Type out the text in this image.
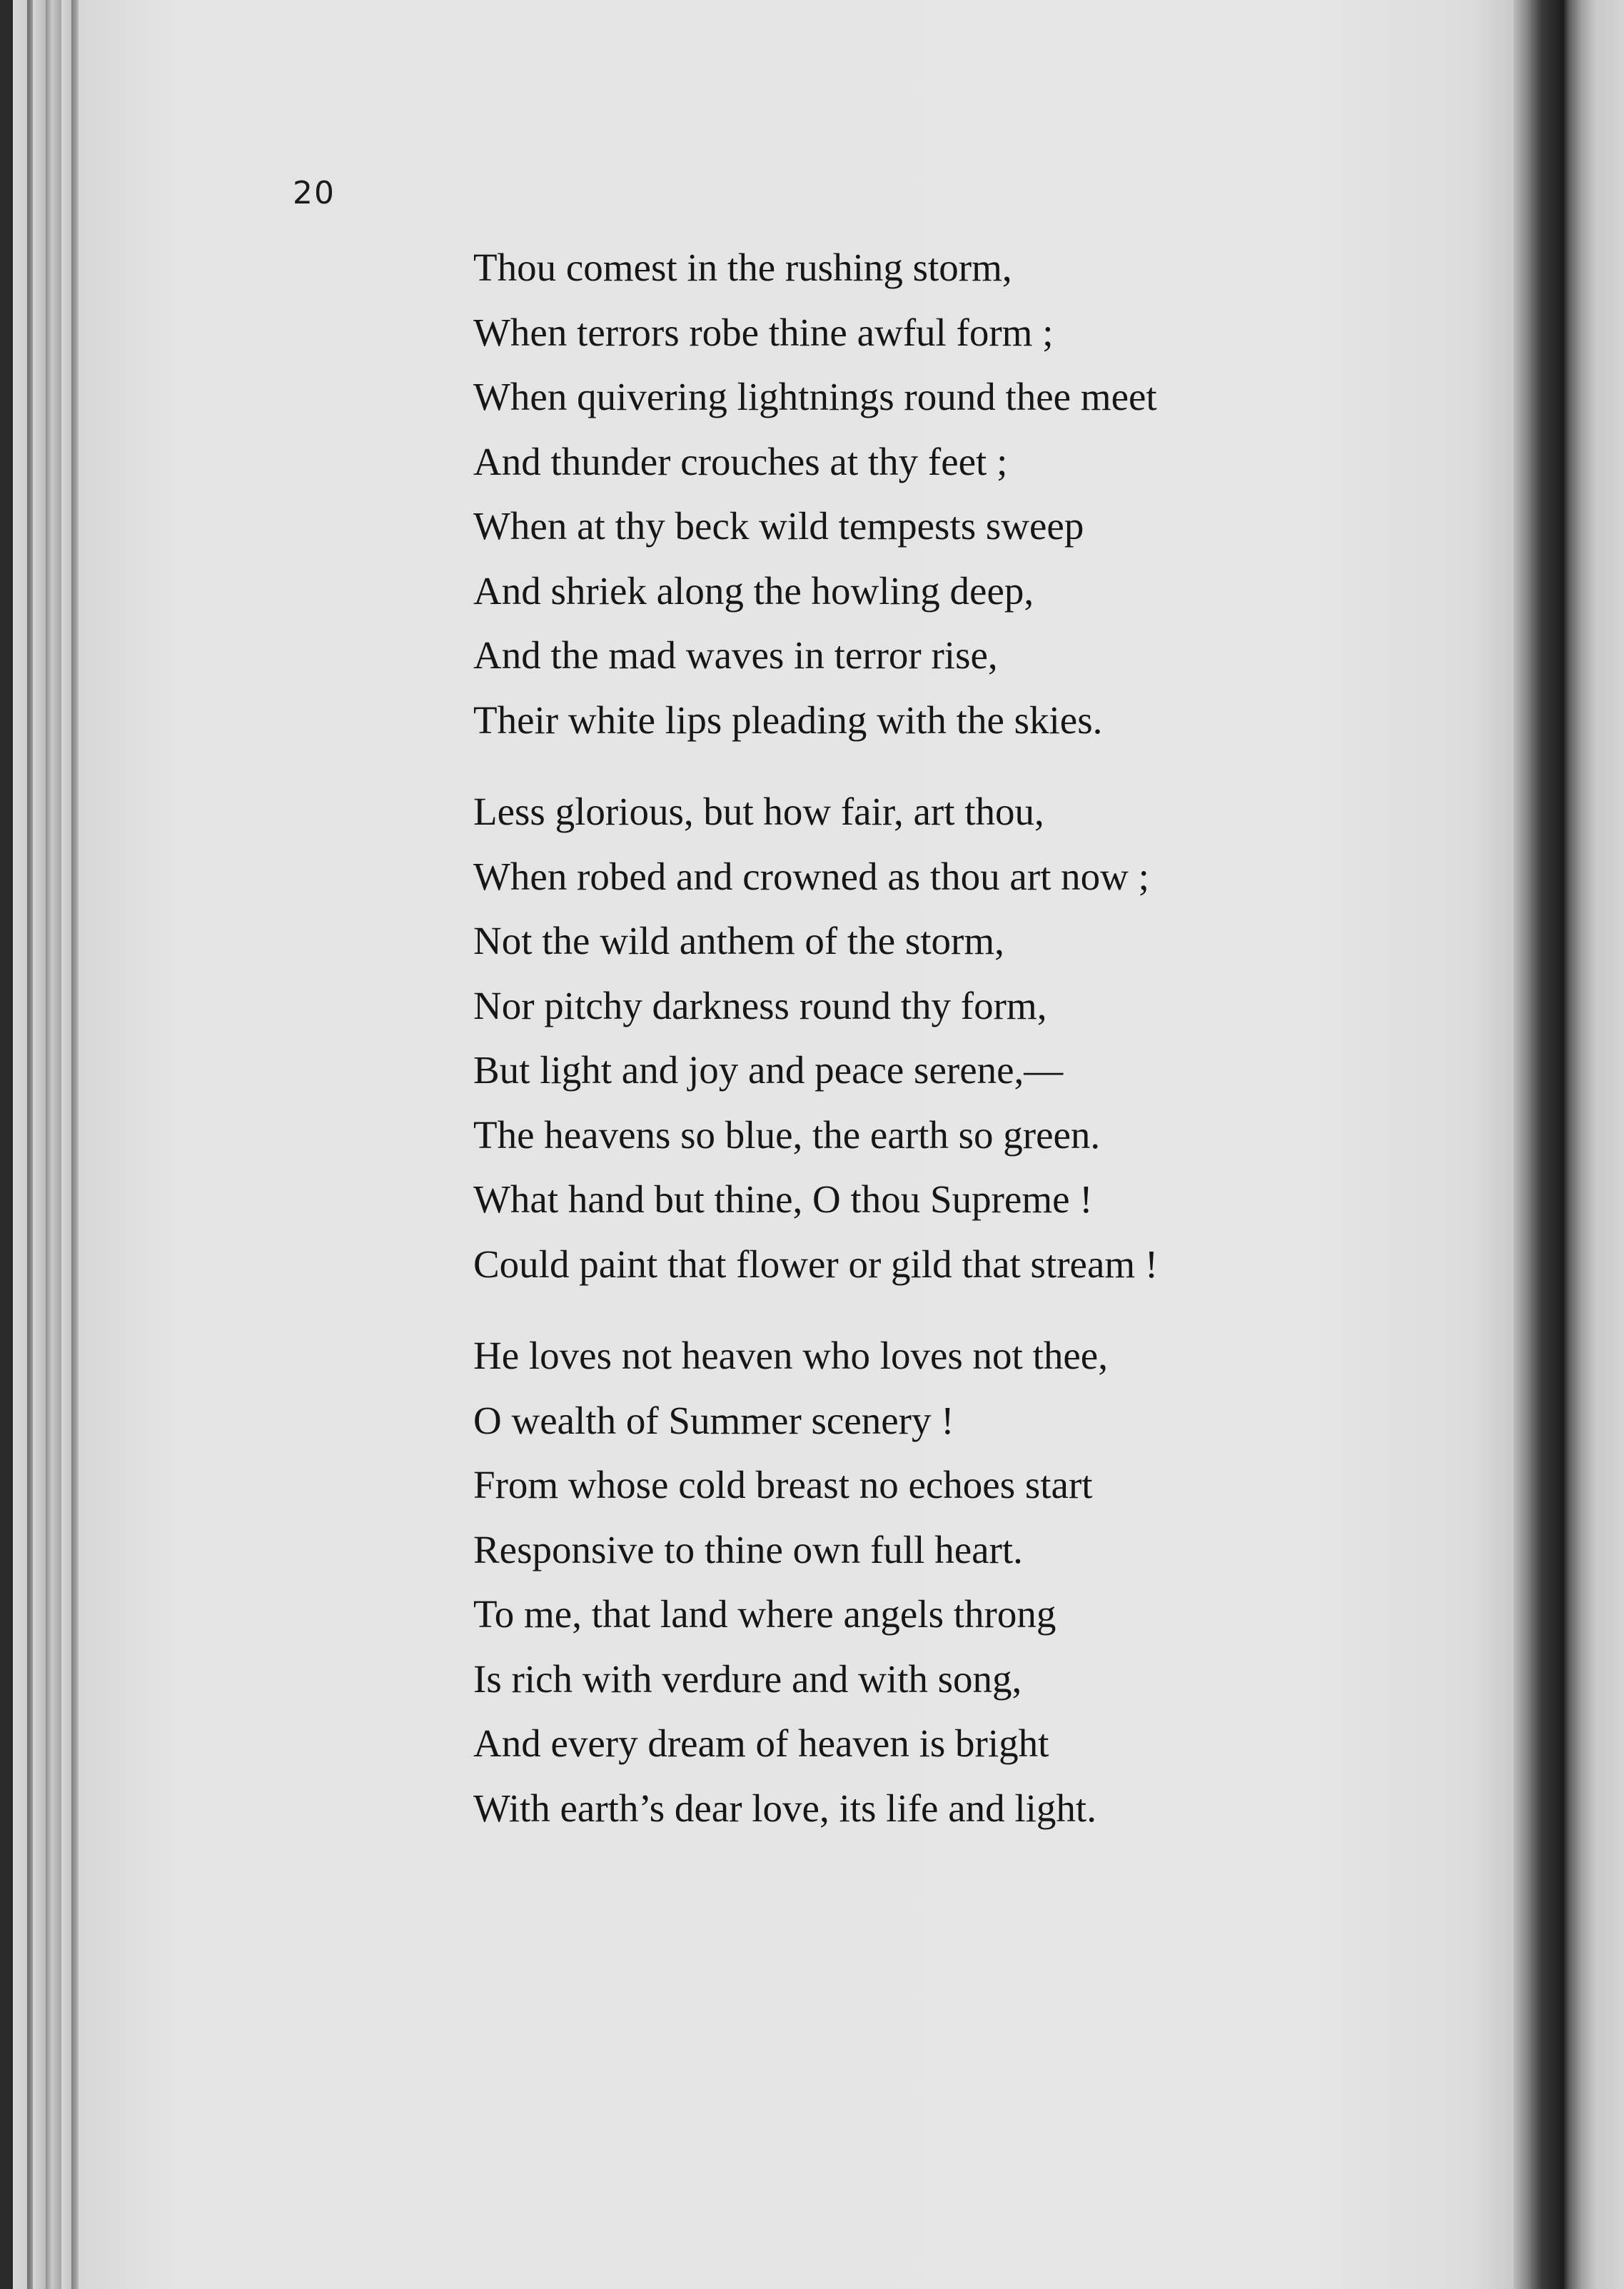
20

Thou comest in the rushing storm,
When terrors robe thine awful form ;
When quivering lightnings round thee meet
And thunder crouches at thy feet ;
When at thy beck wild tempests sweep
And shriek along the howling deep,
And the mad waves in terror rise,
Their white lips pleading with the skies.
Less glorious, but how fair, art thou,
When robed and crowned as thou art now ;
Not the wild anthem of the storm,
Nor pitchy darkness round thy form,
But light and joy and peace serene,—
The heavens so blue, the earth so green.
What hand but thine, O thou Supreme !
Could paint that flower or gild that stream !
He loves not heaven who loves not thee,
O wealth of Summer scenery !
From whose cold breast no echoes start
Responsive to thine own full heart.
To me, that land where angels throng
Is rich with verdure and with song,
And every dream of heaven is bright
With earth’s dear love, its life and light.
